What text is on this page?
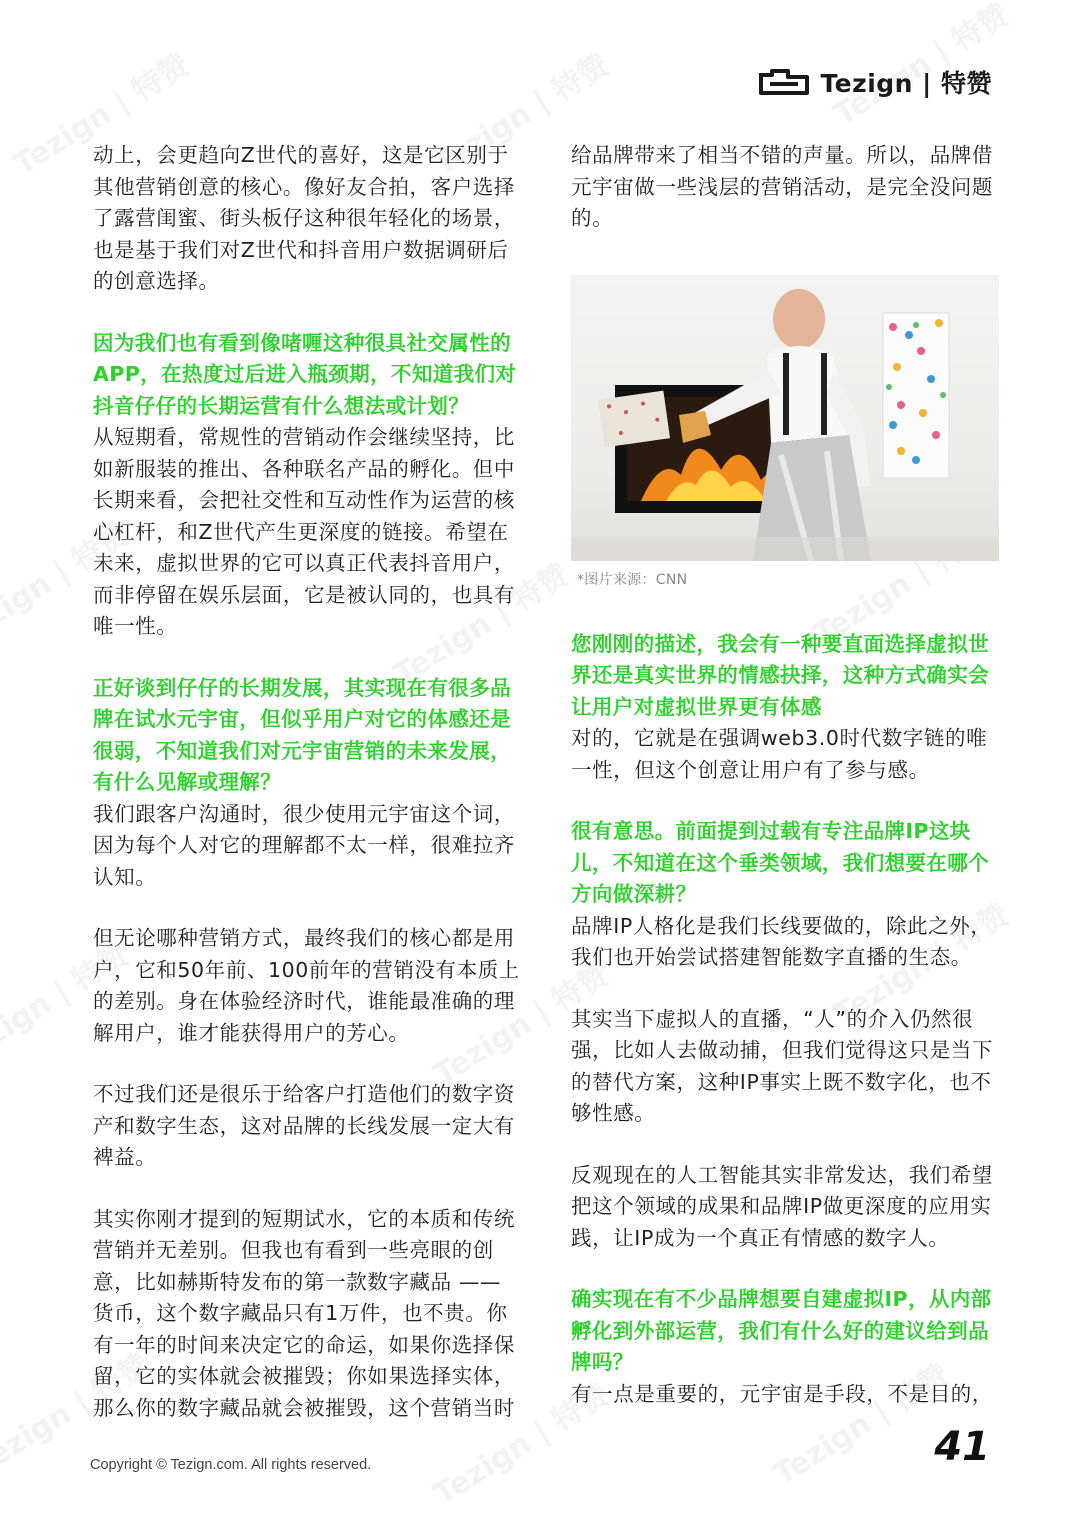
Tezign | 特赞

动上，会更趋向Z世代的喜好，这是它区别于其他营销创意的核心。像好友合拍，客户选择了露营闺蜜、街头板仔这种很年轻化的场景，也是基于我们对Z世代和抖音用户数据调研后的创意选择。

因为我们也有看到像啫喱这种很具社交属性的APP，在热度过后进入瓶颈期，不知道我们对抖音仔仔的长期运营有什么想法或计划？

从短期看，常规性的营销动作会继续坚持，比如新服装的推出、各种联名产品的孵化。但中长期来看，会把社交性和互动性作为运营的核心杠杆，和Z世代产生更深度的链接。希望在未来，虚拟世界的它可以真正代表抖音用户，而非停留在娱乐层面，它是被认同的，也具有唯一性。

正好谈到仔仔的长期发展，其实现在有很多品牌在试水元宇宙，但似乎用户对它的体感还是很弱，不知道我们对元宇宙营销的未来发展，有什么见解或理解？

我们跟客户沟通时，很少使用元宇宙这个词，因为每个人对它的理解都不太一样，很难拉齐认知。

但无论哪种营销方式，最终我们的核心都是用户，它和50年前、100前年的营销没有本质上的差别。身在体验经济时代，谁能最准确的理解用户，谁才能获得用户的芳心。

不过我们还是很乐于给客户打造他们的数字资产和数字生态，这对品牌的长线发展一定大有裨益。

其实你刚才提到的短期试水，它的本质和传统营销并无差别。但我也有看到一些亮眼的创意，比如赫斯特发布的第一款数字藏品 —— 货币，这个数字藏品只有1万件，也不贵。你有一年的时间来决定它的命运，如果你选择保留，它的实体就会被摧毁；你如果选择实体，那么你的数字藏品就会被摧毁，这个营销当时

给品牌带来了相当不错的声量。所以，品牌借元宇宙做一些浅层的营销活动，是完全没问题的。

*图片来源：CNN

您刚刚的描述，我会有一种要直面选择虚拟世界还是真实世界的情感抉择，这种方式确实会让用户对虚拟世界更有体感

对的，它就是在强调web3.0时代数字链的唯一性，但这个创意让用户有了参与感。

很有意思。前面提到过载有专注品牌IP这块儿，不知道在这个垂类领域，我们想要在哪个方向做深耕？

品牌IP人格化是我们长线要做的，除此之外，我们也开始尝试搭建智能数字直播的生态。

其实当下虚拟人的直播，“人”的介入仍然很强，比如人去做动捕，但我们觉得这只是当下的替代方案，这种IP事实上既不数字化，也不够性感。

反观现在的人工智能其实非常发达，我们希望把这个领域的成果和品牌IP做更深度的应用实践，让IP成为一个真正有情感的数字人。

确实现在有不少品牌想要自建虚拟IP，从内部孵化到外部运营，我们有什么好的建议给到品牌吗？

有一点是重要的，元宇宙是手段，不是目的，

Copyright © Tezign.com. All rights reserved.	41
